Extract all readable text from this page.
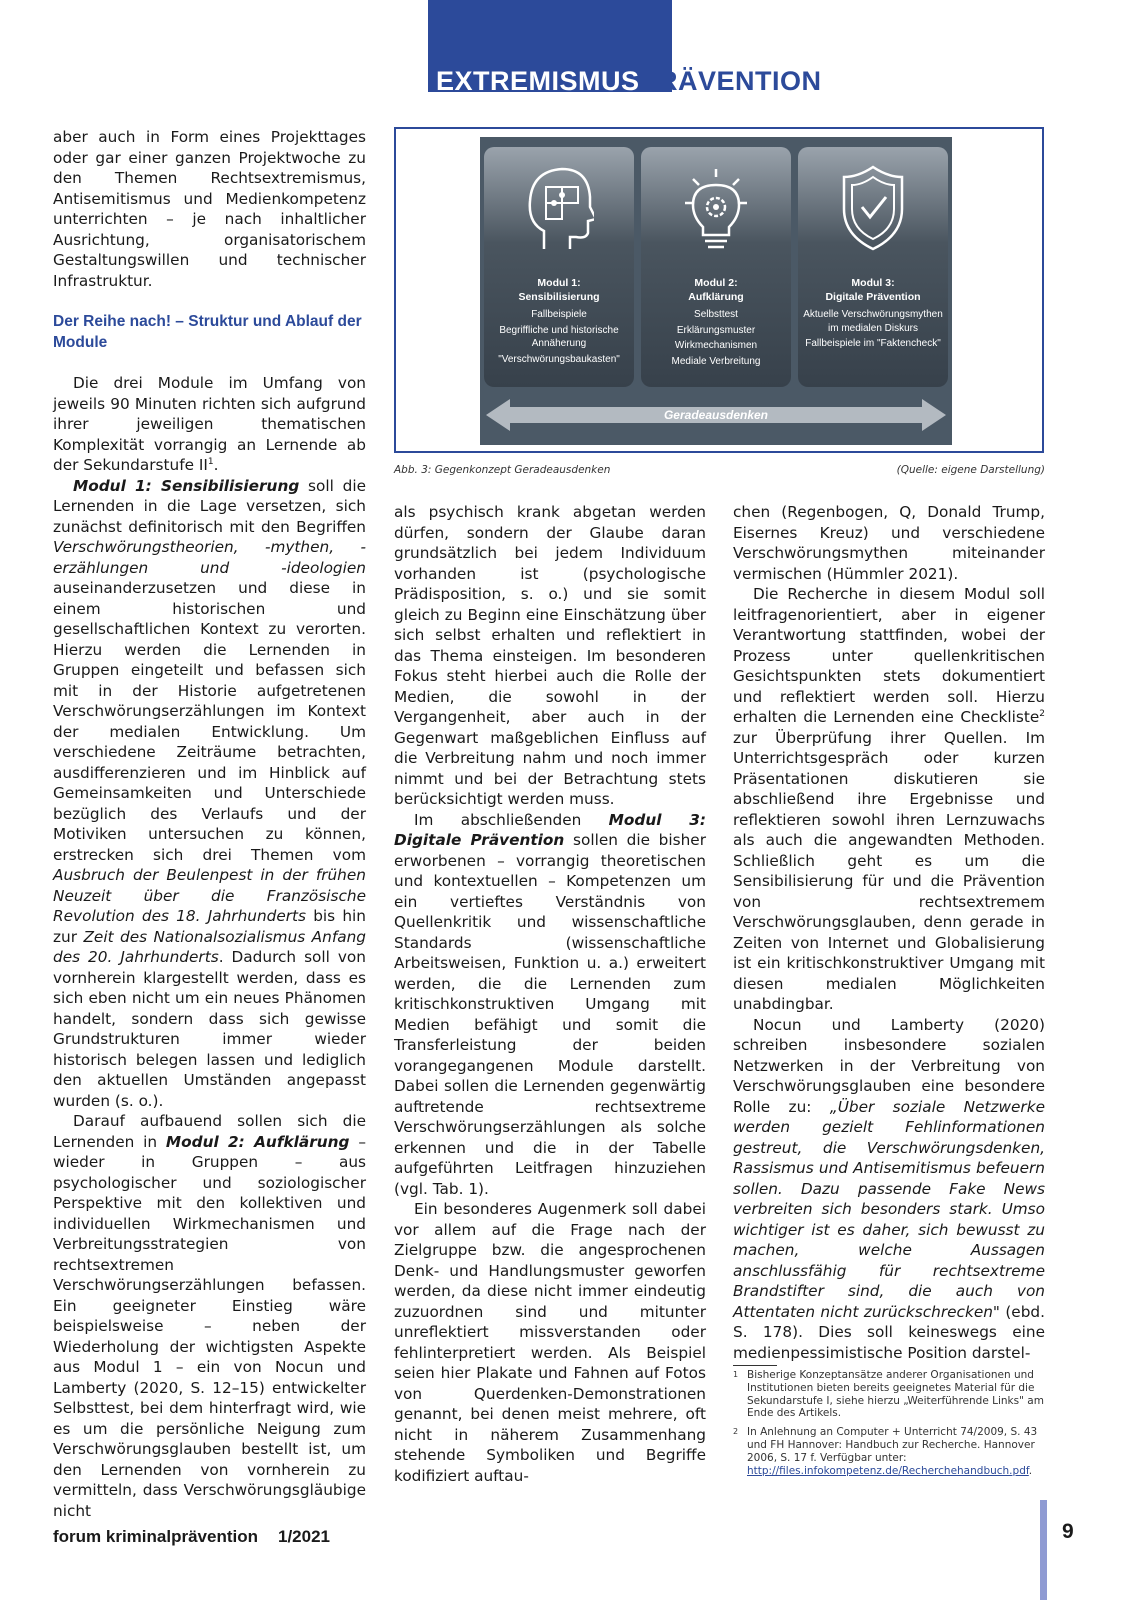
EXTREMISMUSPRÄVENTION

aber auch in Form eines Projekttages oder gar einer ganzen Projektwoche zu den Themen Rechtsextremismus, Antisemitismus und Medienkompetenz unterrichten – je nach inhaltlicher Ausrichtung, organisatorischem Gestaltungswillen und technischer Infrastruktur.

Der Reihe nach! – Struktur und Ablauf der Module

Die drei Module im Umfang von jeweils 90 Minuten richten sich aufgrund ihrer jeweiligen thematischen Komplexität vorrangig an Lernende ab der Sekundarstufe $II^1$.

Modul 1: Sensibilisierung soll die Lernenden in die Lage versetzen, sich zunächst definitorisch mit den Begriffen Verschwörungstheorien, -mythen, -erzählungen und -ideologien auseinanderzusetzen und diese in einem historischen und gesellschaftlichen Kontext zu verorten. Hierzu werden die Lernenden in Gruppen eingeteilt und befassen sich mit in der Historie aufgetretenen Verschwörungserzählungen im Kontext der medialen Entwicklung. Um verschiedene Zeiträume betrachten, ausdifferenzieren und im Hinblick auf Gemeinsamkeiten und Unterschiede bezüglich des Verlaufs und der Motiviken untersuchen zu können, erstrecken sich drei Themen vom Ausbruch der Beulenpest in der frühen Neuzeit über die Französische Revolution des 18. Jahrhunderts bis hin zur Zeit des Nationalsozialismus Anfang des 20. Jahrhunderts. Dadurch soll von vornherein klargestellt werden, dass es sich eben nicht um ein neues Phänomen handelt, sondern dass sich gewisse Grundstrukturen immer wieder historisch belegen lassen und lediglich den aktuellen Umständen angepasst wurden (s. o.).

Darauf aufbauend sollen sich die Lernenden in Modul 2: Aufklärung – wieder in Gruppen – aus psychologischer und soziologischer Perspektive mit den kollektiven und individuellen Wirkmechanismen und Verbreitungsstrategien von rechtsextremen Verschwörungserzählungen befassen. Ein geeigneter Einstieg wäre beispielsweise – neben der Wiederholung der wichtigsten Aspekte aus Modul 1 – ein von Nocun und Lamberty (2020, S. 12–15) entwickelter Selbsttest, bei dem hinterfragt wird, wie es um die persönliche Neigung zum Verschwörungsglauben bestellt ist, um den Lernenden von vornherein zu vermitteln, dass Verschwörungsgläubige nicht

Modul 1:
Sensibilisierung
Fallbeispiele
Begriffliche und historische Annäherung
"Verschwörungsbaukasten"
Modul 2:
Aufklärung
Selbsttest
Erklärungsmuster
Wirkmechanismen
Mediale Verbreitung
Modul 3:
Digitale Prävention
Aktuelle Verschwörungsmythen im medialen Diskurs
Fallbeispiele im "Faktencheck"
Geradeausdenken
Abb. 3: Gegenkonzept Geradeausdenken	(Quelle: eigene Darstellung)

als psychisch krank abgetan werden dürfen, sondern der Glaube daran grundsätzlich bei jedem Individuum vorhanden ist (psychologische Prädisposition, s. o.) und sie somit gleich zu Beginn eine Einschätzung über sich selbst erhalten und reflektiert in das Thema einsteigen. Im besonderen Fokus steht hierbei auch die Rolle der Medien, die sowohl in der Vergangenheit, aber auch in der Gegenwart maßgeblichen Einfluss auf die Verbreitung nahm und noch immer nimmt und bei der Betrachtung stets berücksichtigt werden muss.

Im abschließenden Modul 3: Digitale Prävention sollen die bisher erworbenen – vorrangig theoretischen und kontextuellen – Kompetenzen um ein vertieftes Verständnis von Quellenkritik und wissenschaftliche Standards (wissenschaftliche Arbeitsweisen, Funktion u. a.) erweitert werden, die die Lernenden zum kritischkonstruktiven Umgang mit Medien befähigt und somit die Transferleistung der beiden vorangegangenen Module darstellt. Dabei sollen die Lernenden gegenwärtig auftretende rechtsextreme Verschwörungserzählungen als solche erkennen und die in der Tabelle aufgeführten Leitfragen hinzuziehen (vgl. Tab. 1).

Ein besonderes Augenmerk soll dabei vor allem auf die Frage nach der Zielgruppe bzw. die angesprochenen Denk- und Handlungsmuster geworfen werden, da diese nicht immer eindeutig zuzuordnen sind und mitunter unreflektiert missverstanden oder fehlinterpretiert werden. Als Beispiel seien hier Plakate und Fahnen auf Fotos von Querdenken-Demonstrationen genannt, bei denen meist mehrere, oft nicht in näherem Zusammenhang stehende Symboliken und Begriffe kodifiziert auftau-

chen (Regenbogen, Q, Donald Trump, Eisernes Kreuz) und verschiedene Verschwörungsmythen miteinander vermischen (Hümmler 2021).

Die Recherche in diesem Modul soll leitfragenorientiert, aber in eigener Verantwortung stattfinden, wobei der Prozess unter quellenkritischen Gesichtspunkten stets dokumentiert und reflektiert werden soll. Hierzu erhalten die Lernenden eine Checkliste$^2$ zur Überprüfung ihrer Quellen. Im Unterrichtsgespräch oder kurzen Präsentationen diskutieren sie abschließend ihre Ergebnisse und reflektieren sowohl ihren Lernzuwachs als auch die angewandten Methoden. Schließlich geht es um die Sensibilisierung für und die Prävention von rechtsextremem Verschwörungsglauben, denn gerade in Zeiten von Internet und Globalisierung ist ein kritischkonstruktiver Umgang mit diesen medialen Möglichkeiten unabdingbar.

Nocun und Lamberty (2020) schreiben insbesondere sozialen Netzwerken in der Verbreitung von Verschwörungsglauben eine besondere Rolle zu: „Über soziale Netzwerke werden gezielt Fehlinformationen gestreut, die Verschwörungsdenken, Rassismus und Antisemitismus befeuern sollen. Dazu passende Fake News verbreiten sich besonders stark. Umso wichtiger ist es daher, sich bewusst zu machen, welche Aussagen anschlussfähig für rechtsextreme Brandstifter sind, die auch von Attentaten nicht zurückschrecken" (ebd. S. 178). Dies soll keineswegs eine medienpessimistische Position darstel-

1 Bisherige Konzeptansätze anderer Organisationen und Institutionen bieten bereits geeignetes Material für die Sekundarstufe I, siehe hierzu „Weiterführende Links" am Ende des Artikels.
2 In Anlehnung an Computer + Unterricht 74/2009, S. 43 und FH Hannover: Handbuch zur Recherche. Hannover 2006, S. 17 f. Verfügbar unter: http://files.infokompetenz.de/Recherchehandbuch.pdf.
forum kriminalprävention 1/2021	9
